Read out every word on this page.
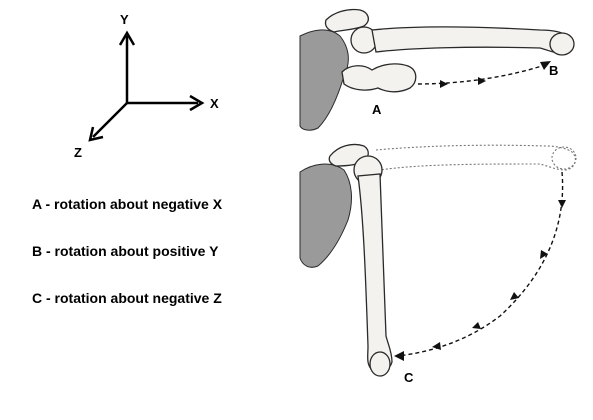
Y
X
Z
A
B
C
A - rotation about negative X
B - rotation about positive Y
C - rotation about negative Z
